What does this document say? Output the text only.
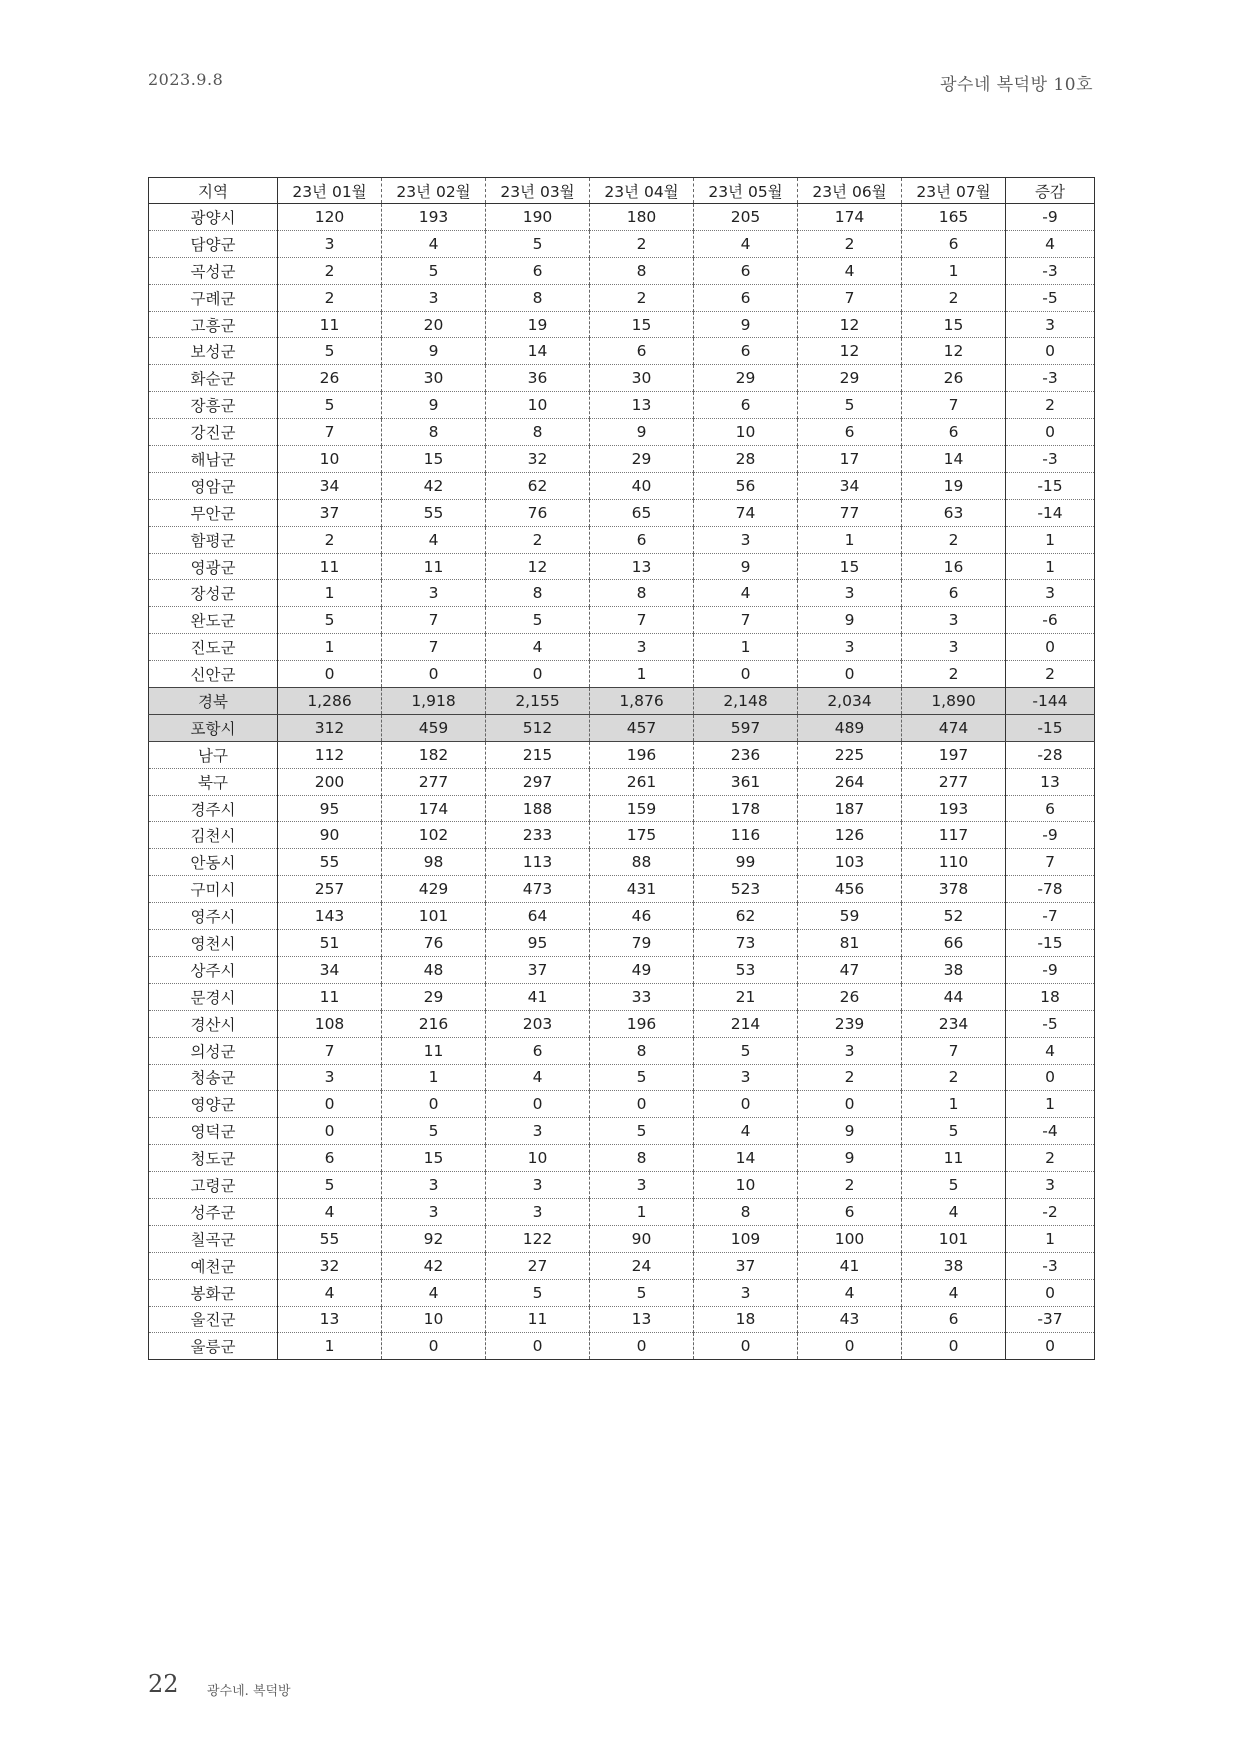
2023.9.8	광수네 복덕방 10호
지역	23년 01월	23년 02월	23년 03월	23년 04월	23년 05월	23년 06월	23년 07월	증감
광양시	120	193	190	180	205	174	165	-9
담양군	3	4	5	2	4	2	6	4
곡성군	2	5	6	8	6	4	1	-3
구례군	2	3	8	2	6	7	2	-5
고흥군	11	20	19	15	9	12	15	3
보성군	5	9	14	6	6	12	12	0
화순군	26	30	36	30	29	29	26	-3
장흥군	5	9	10	13	6	5	7	2
강진군	7	8	8	9	10	6	6	0
해남군	10	15	32	29	28	17	14	-3
영암군	34	42	62	40	56	34	19	-15
무안군	37	55	76	65	74	77	63	-14
함평군	2	4	2	6	3	1	2	1
영광군	11	11	12	13	9	15	16	1
장성군	1	3	8	8	4	3	6	3
완도군	5	7	5	7	7	9	3	-6
진도군	1	7	4	3	1	3	3	0
신안군	0	0	0	1	0	0	2	2
경북	1,286	1,918	2,155	1,876	2,148	2,034	1,890	-144
포항시	312	459	512	457	597	489	474	-15
남구	112	182	215	196	236	225	197	-28
북구	200	277	297	261	361	264	277	13
경주시	95	174	188	159	178	187	193	6
김천시	90	102	233	175	116	126	117	-9
안동시	55	98	113	88	99	103	110	7
구미시	257	429	473	431	523	456	378	-78
영주시	143	101	64	46	62	59	52	-7
영천시	51	76	95	79	73	81	66	-15
상주시	34	48	37	49	53	47	38	-9
문경시	11	29	41	33	21	26	44	18
경산시	108	216	203	196	214	239	234	-5
의성군	7	11	6	8	5	3	7	4
청송군	3	1	4	5	3	2	2	0
영양군	0	0	0	0	0	0	1	1
영덕군	0	5	3	5	4	9	5	-4
청도군	6	15	10	8	14	9	11	2
고령군	5	3	3	3	10	2	5	3
성주군	4	3	3	1	8	6	4	-2
칠곡군	55	92	122	90	109	100	101	1
예천군	32	42	27	24	37	41	38	-3
봉화군	4	4	5	5	3	4	4	0
울진군	13	10	11	13	18	43	6	-37
울릉군	1	0	0	0	0	0	0	0
22 광수네. 복덕방
